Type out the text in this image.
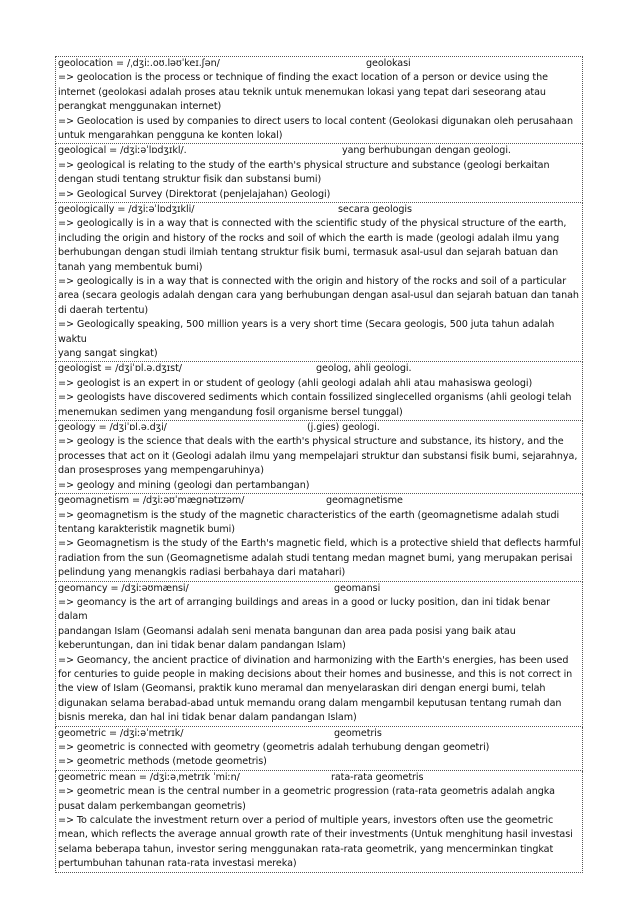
geolocation = /ˌdʒiː.oʊ.ləʊˈkeɪ.ʃən/

	geolokasi

=> geolocation is the process or technique of finding the exact location of a person or device using the
internet (geolokasi adalah proses atau teknik untuk menemukan lokasi yang tepat dari seseorang atau
perangkat menggunakan internet)
=> Geolocation is used by companies to direct users to local content (Geolokasi digunakan oleh perusahaan
untuk mengarahkan pengguna ke konten lokal)

geological = /dʒiːəˈlɒdʒɪkl/.

	yang berhubungan dengan geologi.

=> geological is relating to the study of the earth's physical structure and substance (geologi berkaitan
dengan studi tentang struktur fisik dan substansi bumi)
=> Geological Survey (Direktorat (penjelajahan) Geologi)

geologically = /dʒiːəˈlɒdʒɪkli/

	secara geologis

=> geologically is in a way that is connected with the scientific study of the physical structure of the earth,
including the origin and history of the rocks and soil of which the earth is made (geologi adalah ilmu yang
berhubungan dengan studi ilmiah tentang struktur fisik bumi, termasuk asal-usul dan sejarah batuan dan
tanah yang membentuk bumi)
=> geologically is in a way that is connected with the origin and history of the rocks and soil of a particular
area (secara geologis adalah dengan cara yang berhubungan dengan asal-usul dan sejarah batuan dan tanah
di daerah tertentu)
=> Geologically speaking, 500 million years is a very short time (Secara geologis, 500 juta tahun adalah waktu
yang sangat singkat)

geologist = /dʒiˈɒl.ə.dʒɪst/

	geolog, ahli geologi.

=> geologist is an expert in or student of geology (ahli geologi adalah ahli atau mahasiswa geologi)
=> geologists have discovered sediments which contain fossilized singlecelled organisms (ahli geologi telah
menemukan sedimen yang mengandung fosil organisme bersel tunggal)

geology = /dʒiˈɒl.ə.dʒi/

	(j.gies) geologi.

=> geology is the science that deals with the earth's physical structure and substance, its history, and the
processes that act on it (Geologi adalah ilmu yang mempelajari struktur dan substansi fisik bumi, sejarahnya,
dan prosesproses yang mempengaruhinya)
=> geology and mining (geologi dan pertambangan)

geomagnetism = /dʒiːəʊˈmæɡnətɪzəm/

	geomagnetisme

=> geomagnetism is the study of the magnetic characteristics of the earth (geomagnetisme adalah studi
tentang karakteristik magnetik bumi)
=> Geomagnetism is the study of the Earth's magnetic field, which is a protective shield that deflects harmful
radiation from the sun (Geomagnetisme adalah studi tentang medan magnet bumi, yang merupakan perisai
pelindung yang menangkis radiasi berbahaya dari matahari)

geomancy = /dʒiːəʊmænsi/

	geomansi

=> geomancy is the art of arranging buildings and areas in a good or lucky position, dan ini tidak benar dalam
pandangan Islam (Geomansi adalah seni menata bangunan dan area pada posisi yang baik atau
keberuntungan, dan ini tidak benar dalam pandangan Islam)
=> Geomancy, the ancient practice of divination and harmonizing with the Earth's energies, has been used
for centuries to guide people in making decisions about their homes and businesse, and this is not correct in
the view of Islam (Geomansi, praktik kuno meramal dan menyelaraskan diri dengan energi bumi, telah
digunakan selama berabad-abad untuk memandu orang dalam mengambil keputusan tentang rumah dan
bisnis mereka, dan hal ini tidak benar dalam pandangan Islam)

geometric = /dʒiːəˈmetrɪk/

	geometris

=> geometric is connected with geometry (geometris adalah terhubung dengan geometri)
=> geometric methods (metode geometris)

geometric mean = /dʒiːəˌmetrɪk ˈmiːn/

	rata-rata geometris

=> geometric mean is the central number in a geometric progression (rata-rata geometris adalah angka
pusat dalam perkembangan geometris)
=> To calculate the investment return over a period of multiple years, investors often use the geometric
mean, which reflects the average annual growth rate of their investments (Untuk menghitung hasil investasi
selama beberapa tahun, investor sering menggunakan rata-rata geometrik, yang mencerminkan tingkat
pertumbuhan tahunan rata-rata investasi mereka)
